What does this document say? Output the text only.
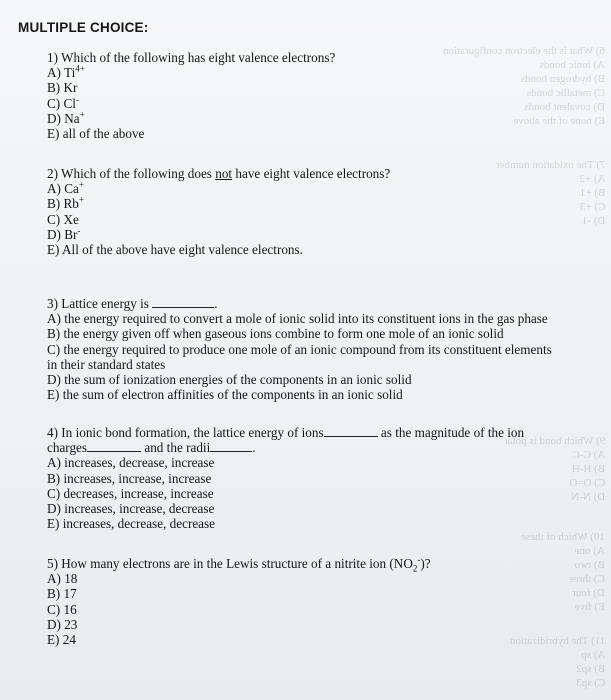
6) What is the electron configuration
A) ionic bonds
B) hydrogen bonds
C) metallic bonds
D) covalent bonds
E) none of the above
7) The oxidation number
A) +2
B) +1
C) +3
D) -1
9) Which bond is polar
A) C-C
B) H-H
C) O=O
D) N-N
10) Which of these
A) one
B) two
C) three
D) four
E) five
11) The hybridization
A) sp
B) sp2
C) sp3
MULTIPLE CHOICE:
1) Which of the following has eight valence electrons?
A) $Ti^{4+}$
B) Kr
C) Cl-
D) Na+
E) all of the above
2) Which of the following does not have eight valence electrons?
A) Ca+
B) Rb+
C) Xe
D) Br-
E) All of the above have eight valence electrons.
3) Lattice energy is	.
A) the energy required to convert a mole of ionic solid into its constituent ions in the gas phase
B) the energy given off when gaseous ions combine to form one mole of an ionic solid
C) the energy required to produce one mole of an ionic compound from its constituent elements
in their standard states
D) the sum of ionization energies of the components in an ionic solid
E) the sum of electron affinities of the components in an ionic solid
4) In ionic bond formation, the lattice energy of ions	as the magnitude of the ion
charges	and the radii	.
A) increases, decrease, increase
B) increases, increase, increase
C) decreases, increase, increase
D) increases, increase, decrease
E) increases, decrease, decrease
5) How many electrons are in the Lewis structure of a nitrite ion $(NO_2^-)$?
A) 18
B) 17
C) 16
D) 23
E) 24
